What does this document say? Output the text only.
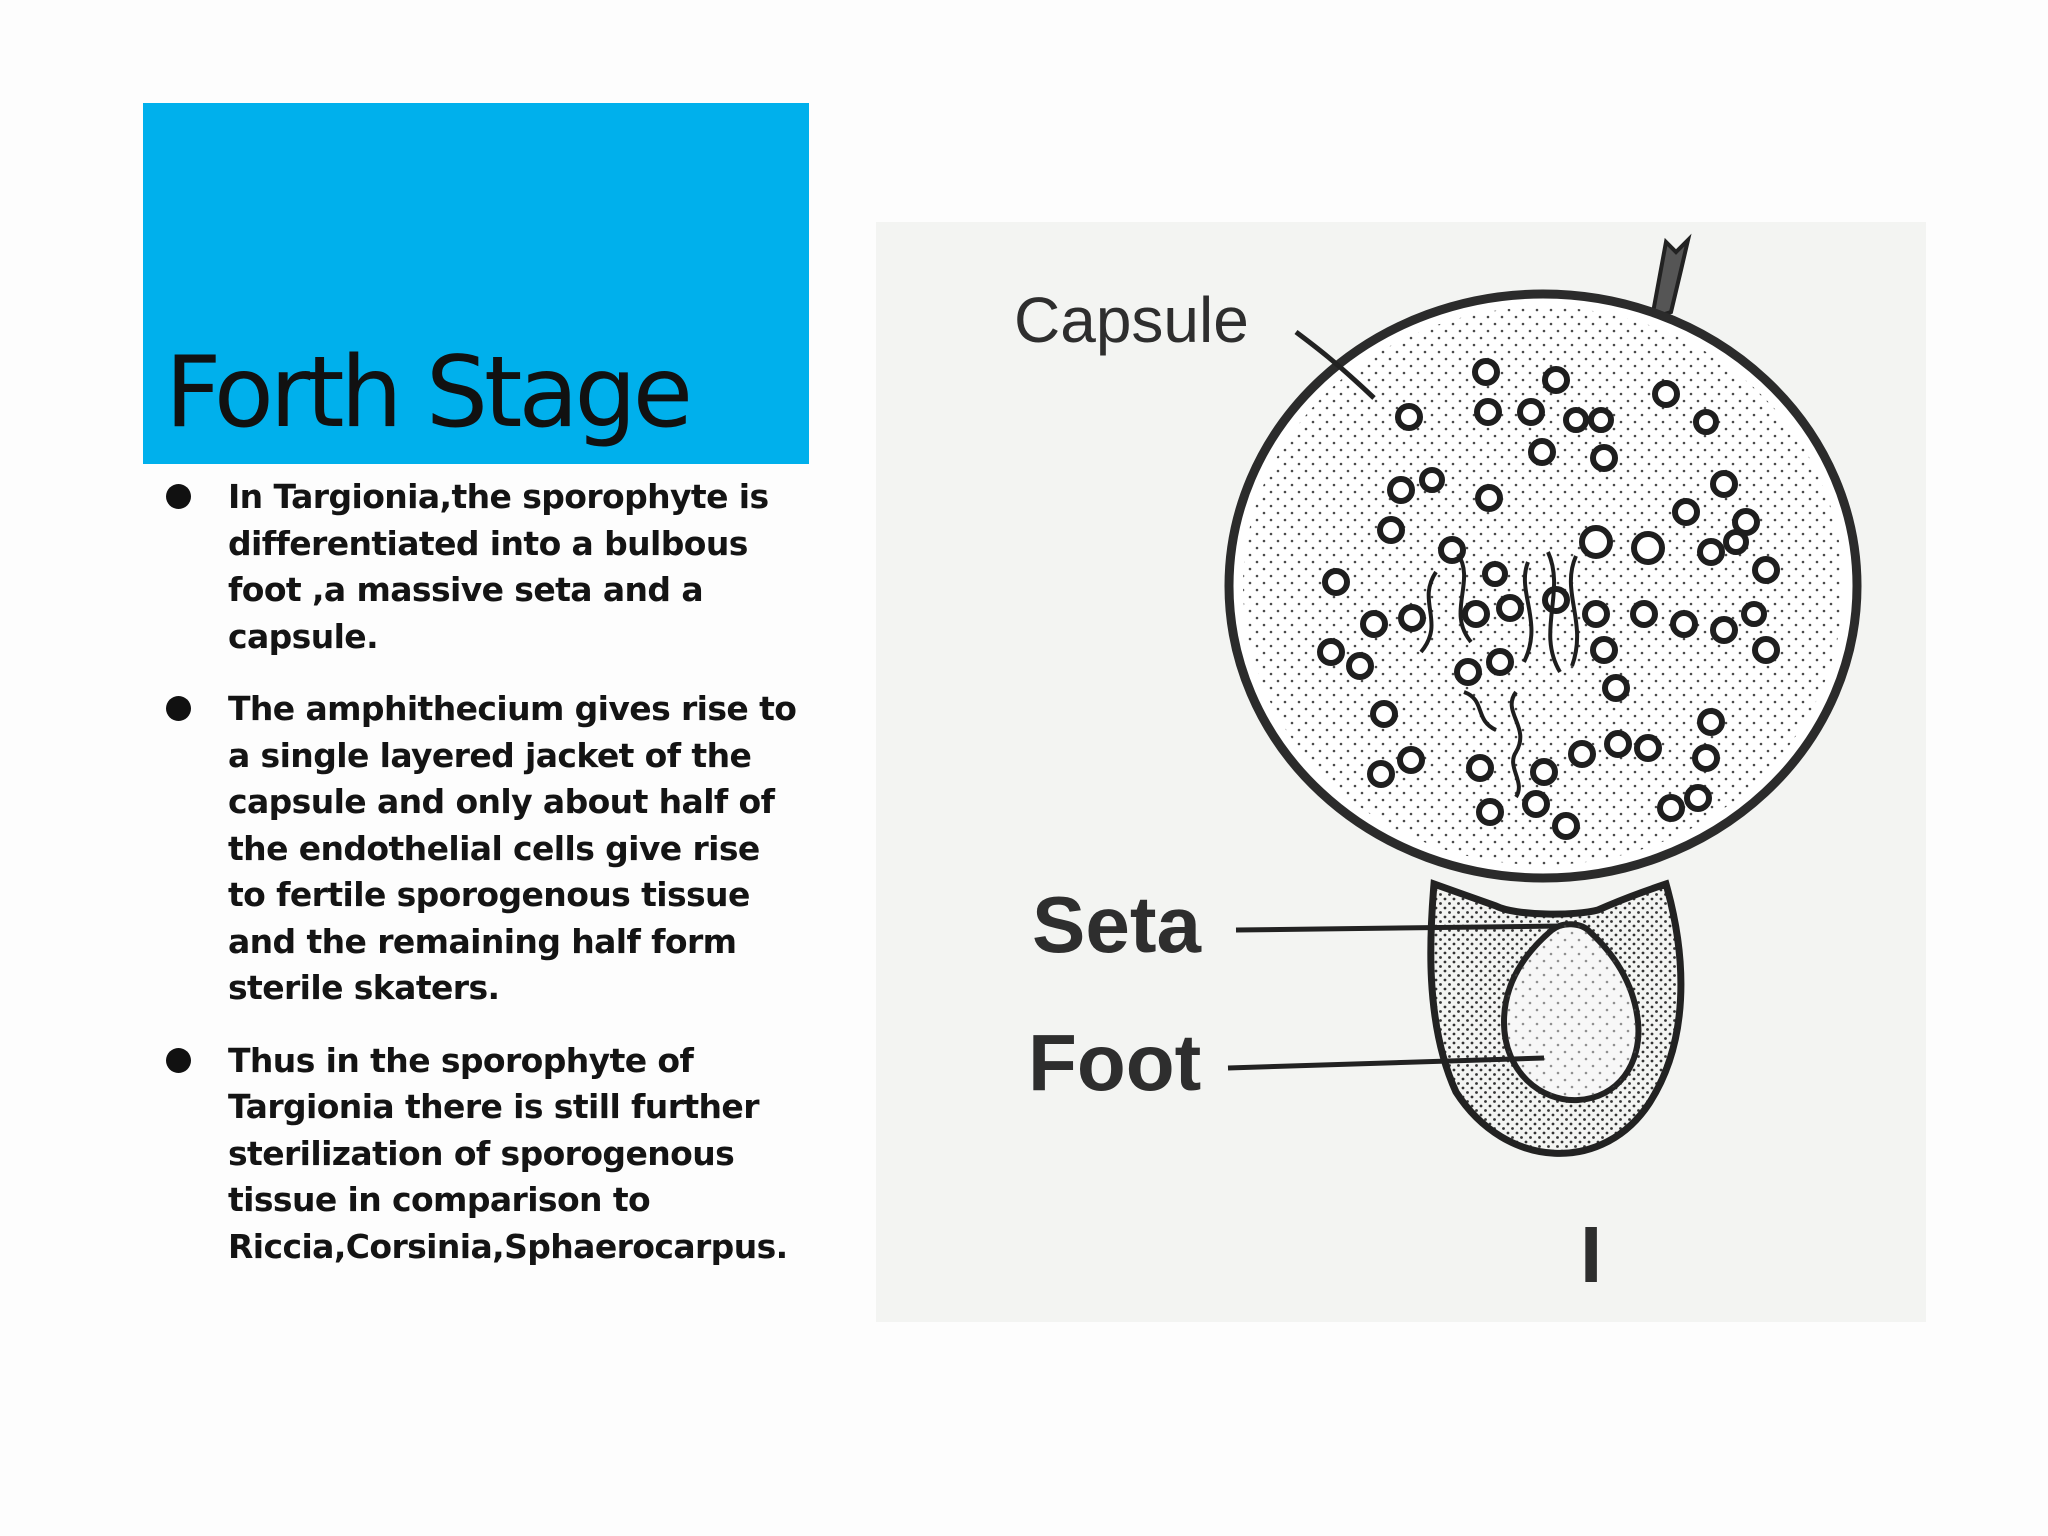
Forth Stage
In Targionia,the sporophyte is
differentiated into a bulbous
foot ,a massive seta and a
capsule.
The amphithecium gives rise to
a single layered jacket of the
capsule and only about half of
the endothelial cells give rise
to fertile sporogenous tissue
and the remaining half form
sterile skaters.
Thus in the sporophyte of
Targionia there is still further
sterilization of sporogenous
tissue in comparison to
Riccia,Corsinia,Sphaerocarpus.
Capsule
Seta
Foot
I
